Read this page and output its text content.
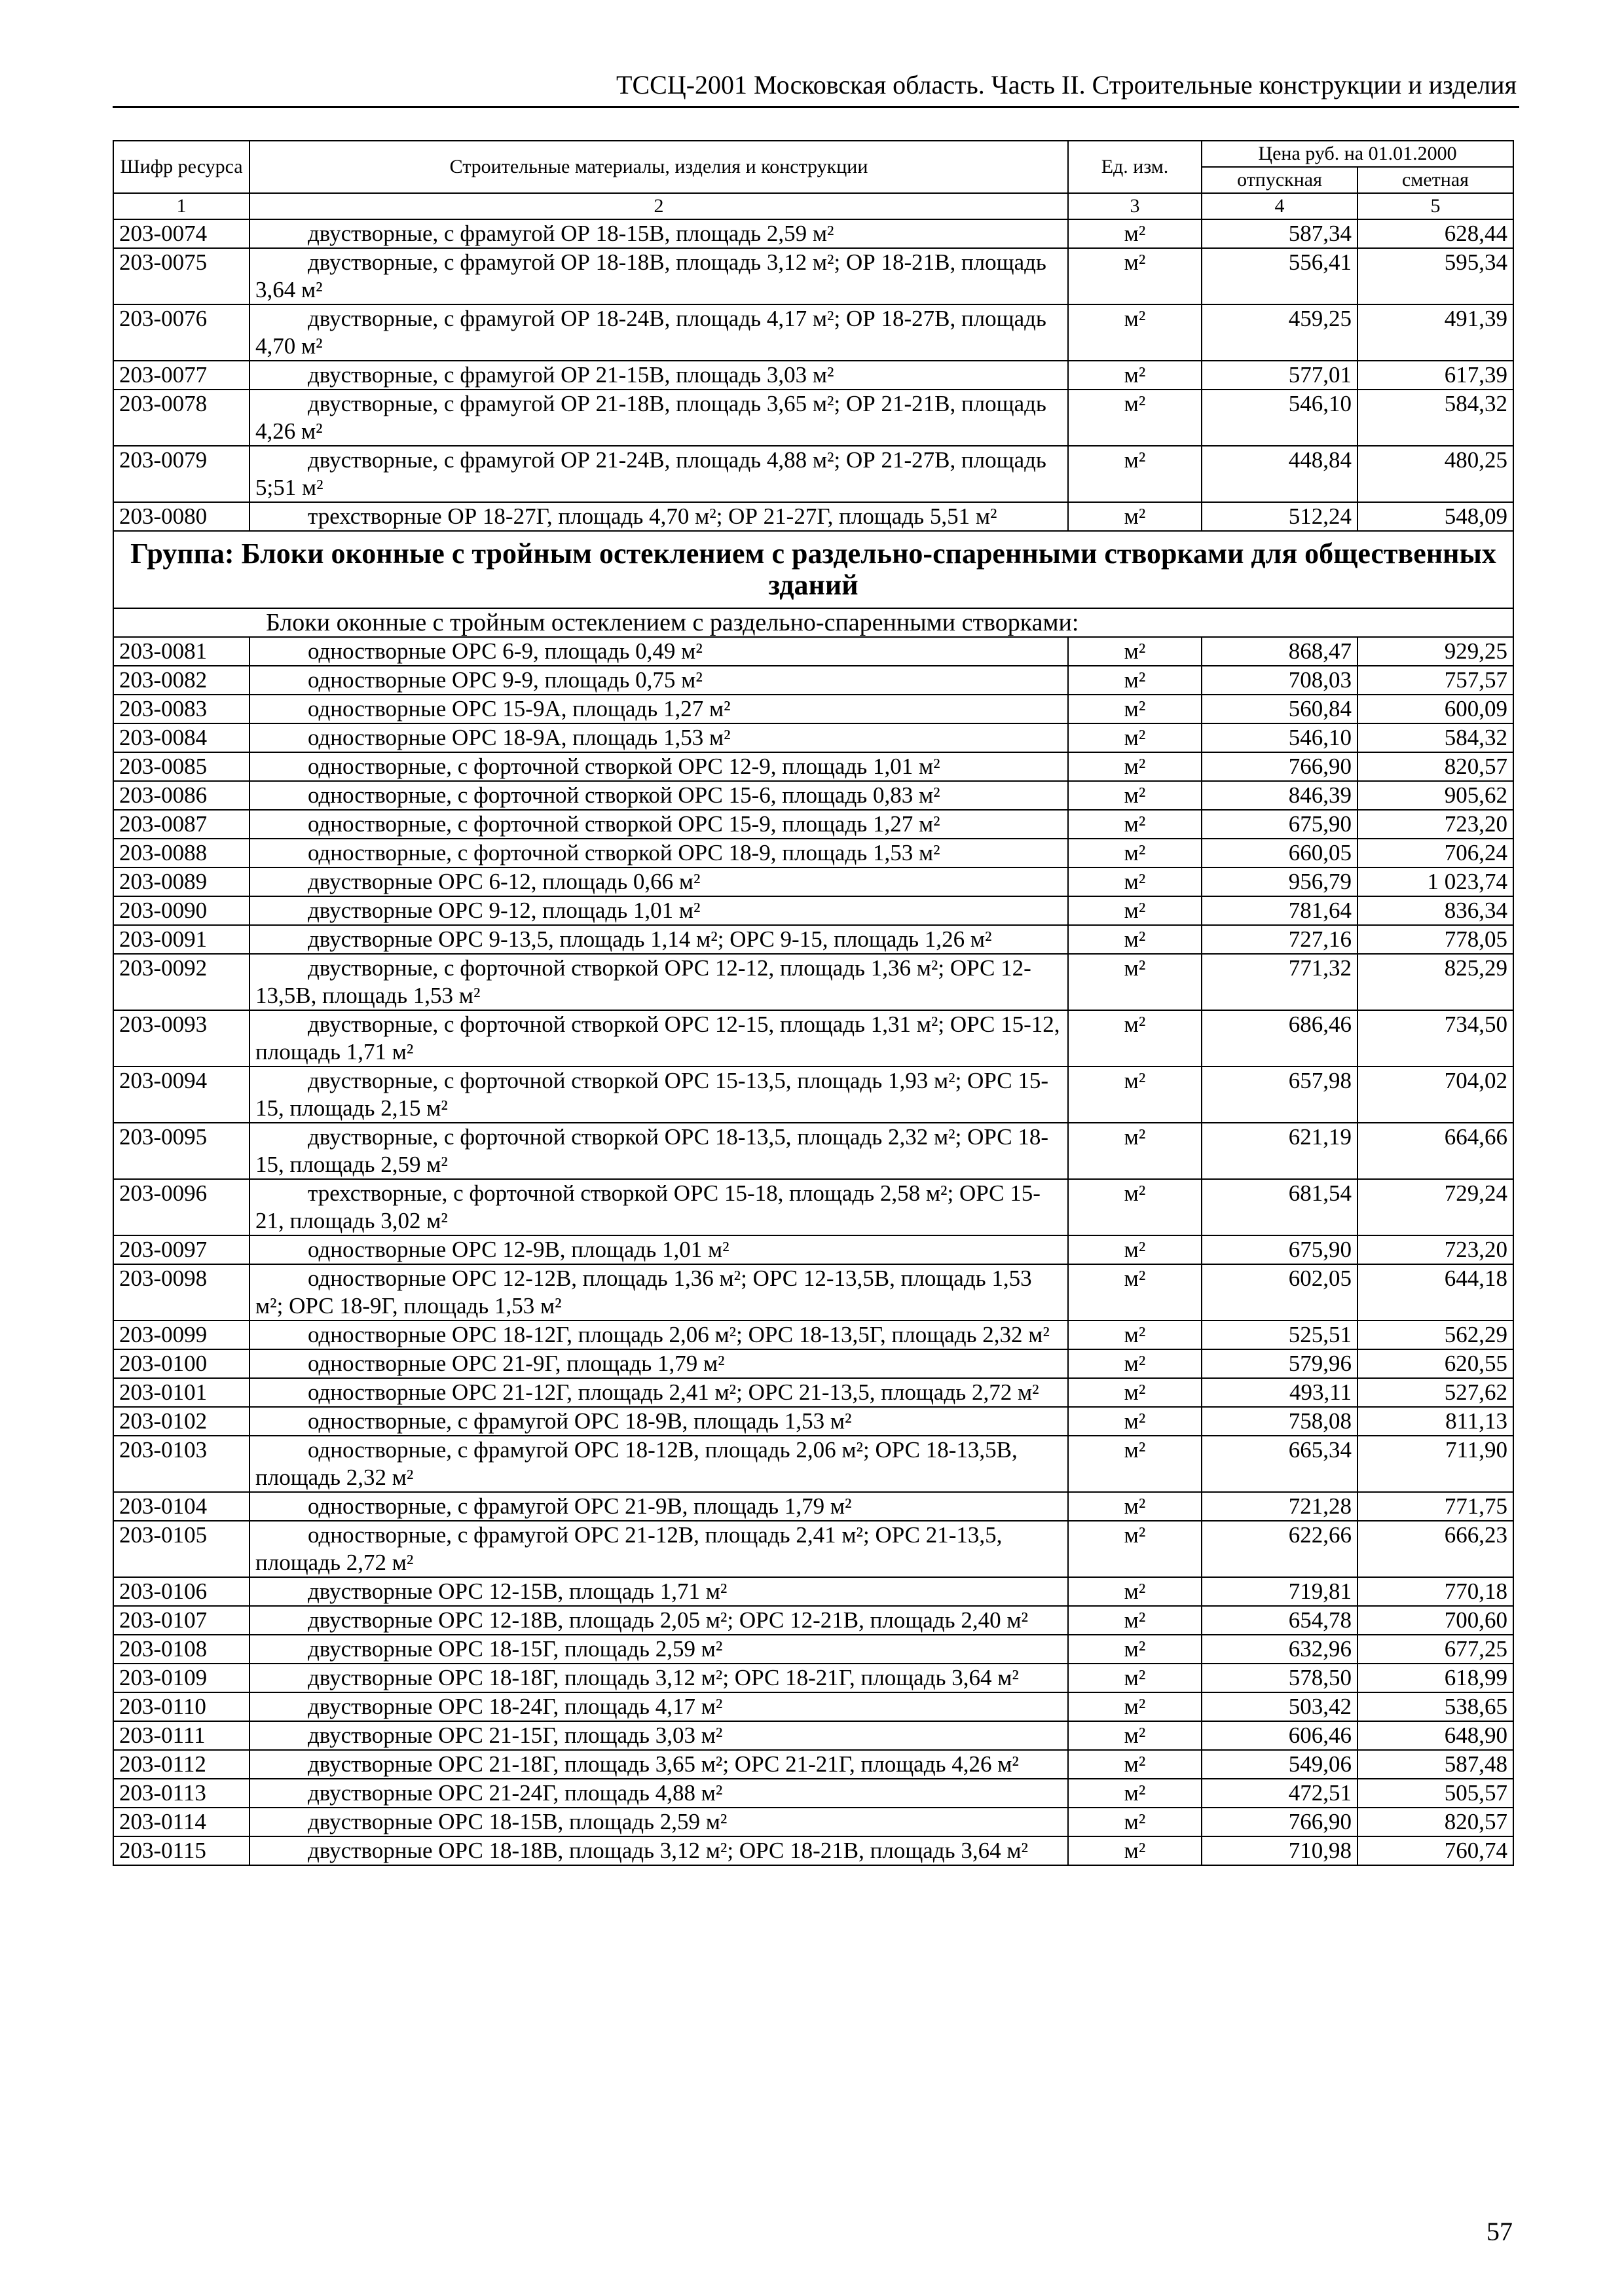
ТССЦ-2001 Московская область. Часть II. Строительные конструкции и изделия
Шифр ресурса	Строительные материалы, изделия и конструкции	Ед. изм.	Цена руб. на 01.01.2000	
			отпускная	сметная
1	2	3	4	5
203-0074	двустворные, с фрамугой ОР 18-15В, площадь 2,59 м²	м²	587,34	628,44
203-0075	двустворные, с фрамугой ОР 18-18В, площадь 3,12 м²; ОР 18-21В, площадь 3,64 м²	м²	556,41	595,34
203-0076	двустворные, с фрамугой ОР 18-24В, площадь 4,17 м²; ОР 18-27В, площадь 4,70 м²	м²	459,25	491,39
203-0077	двустворные, с фрамугой ОР 21-15В, площадь 3,03 м²	м²	577,01	617,39
203-0078	двустворные, с фрамугой ОР 21-18В, площадь 3,65 м²; ОР 21-21В, площадь 4,26 м²	м²	546,10	584,32
203-0079	двустворные, с фрамугой ОР 21-24В, площадь 4,88 м²; ОР 21-27В, площадь 5;51 м²	м²	448,84	480,25
203-0080	трехстворные ОР 18-27Г, площадь 4,70 м²; ОР 21-27Г, площадь 5,51 м²	м²	512,24	548,09
Группа: Блоки оконные с тройным остеклением с раздельно-спаренными створками для общественных зданий				
Блоки оконные с тройным остеклением с раздельно-спаренными створками:				
203-0081	одностворные ОРС 6-9, площадь 0,49 м²	м²	868,47	929,25
203-0082	одностворные ОРС 9-9, площадь 0,75 м²	м²	708,03	757,57
203-0083	одностворные ОРС 15-9А, площадь 1,27 м²	м²	560,84	600,09
203-0084	одностворные ОРС 18-9А, площадь 1,53 м²	м²	546,10	584,32
203-0085	одностворные, с форточной створкой ОРС 12-9, площадь 1,01 м²	м²	766,90	820,57
203-0086	одностворные, с форточной створкой ОРС 15-6, площадь 0,83 м²	м²	846,39	905,62
203-0087	одностворные, с форточной створкой ОРС 15-9, площадь 1,27 м²	м²	675,90	723,20
203-0088	одностворные, с форточной створкой ОРС 18-9, площадь 1,53 м²	м²	660,05	706,24
203-0089	двустворные ОРС 6-12, площадь 0,66 м²	м²	956,79	1 023,74
203-0090	двустворные ОРС 9-12, площадь 1,01 м²	м²	781,64	836,34
203-0091	двустворные ОРС 9-13,5, площадь 1,14 м²; ОРС 9-15, площадь 1,26 м²	м²	727,16	778,05
203-0092	двустворные, с форточной створкой ОРС 12-12, площадь 1,36 м²; ОРС 12-13,5В, площадь 1,53 м²	м²	771,32	825,29
203-0093	двустворные, с форточной створкой ОРС 12-15, площадь 1,31 м²; ОРС 15-12, площадь 1,71 м²	м²	686,46	734,50
203-0094	двустворные, с форточной створкой ОРС 15-13,5, площадь 1,93 м²; ОРС 15-15, площадь 2,15 м²	м²	657,98	704,02
203-0095	двустворные, с форточной створкой ОРС 18-13,5, площадь 2,32 м²; ОРС 18-15, площадь 2,59 м²	м²	621,19	664,66
203-0096	трехстворные, с форточной створкой ОРС 15-18, площадь 2,58 м²; ОРС 15-21, площадь 3,02 м²	м²	681,54	729,24
203-0097	одностворные ОРС 12-9В, площадь 1,01 м²	м²	675,90	723,20
203-0098	одностворные ОРС 12-12В, площадь 1,36 м²; ОРС 12-13,5В, площадь 1,53 м²; ОРС 18-9Г, площадь 1,53 м²	м²	602,05	644,18
203-0099	одностворные ОРС 18-12Г, площадь 2,06 м²; ОРС 18-13,5Г, площадь 2,32 м²	м²	525,51	562,29
203-0100	одностворные ОРС 21-9Г, площадь 1,79 м²	м²	579,96	620,55
203-0101	одностворные ОРС 21-12Г, площадь 2,41 м²; ОРС 21-13,5, площадь 2,72 м²	м²	493,11	527,62
203-0102	одностворные, с фрамугой ОРС 18-9В, площадь 1,53 м²	м²	758,08	811,13
203-0103	одностворные, с фрамугой ОРС 18-12В, площадь 2,06 м²; ОРС 18-13,5В, площадь 2,32 м²	м²	665,34	711,90
203-0104	одностворные, с фрамугой ОРС 21-9В, площадь 1,79 м²	м²	721,28	771,75
203-0105	одностворные, с фрамугой ОРС 21-12В, площадь 2,41 м²; ОРС 21-13,5, площадь 2,72 м²	м²	622,66	666,23
203-0106	двустворные ОРС 12-15В, площадь 1,71 м²	м²	719,81	770,18
203-0107	двустворные ОРС 12-18В, площадь 2,05 м²; ОРС 12-21В, площадь 2,40 м²	м²	654,78	700,60
203-0108	двустворные ОРС 18-15Г, площадь 2,59 м²	м²	632,96	677,25
203-0109	двустворные ОРС 18-18Г, площадь 3,12 м²; ОРС 18-21Г, площадь 3,64 м²	м²	578,50	618,99
203-0110	двустворные ОРС 18-24Г, площадь 4,17 м²	м²	503,42	538,65
203-0111	двустворные ОРС 21-15Г, площадь 3,03 м²	м²	606,46	648,90
203-0112	двустворные ОРС 21-18Г, площадь 3,65 м²; ОРС 21-21Г, площадь 4,26 м²	м²	549,06	587,48
203-0113	двустворные ОРС 21-24Г, площадь 4,88 м²	м²	472,51	505,57
203-0114	двустворные ОРС 18-15В, площадь 2,59 м²	м²	766,90	820,57
203-0115	двустворные ОРС 18-18В, площадь 3,12 м²; ОРС 18-21В, площадь 3,64 м²	м²	710,98	760,74
57
